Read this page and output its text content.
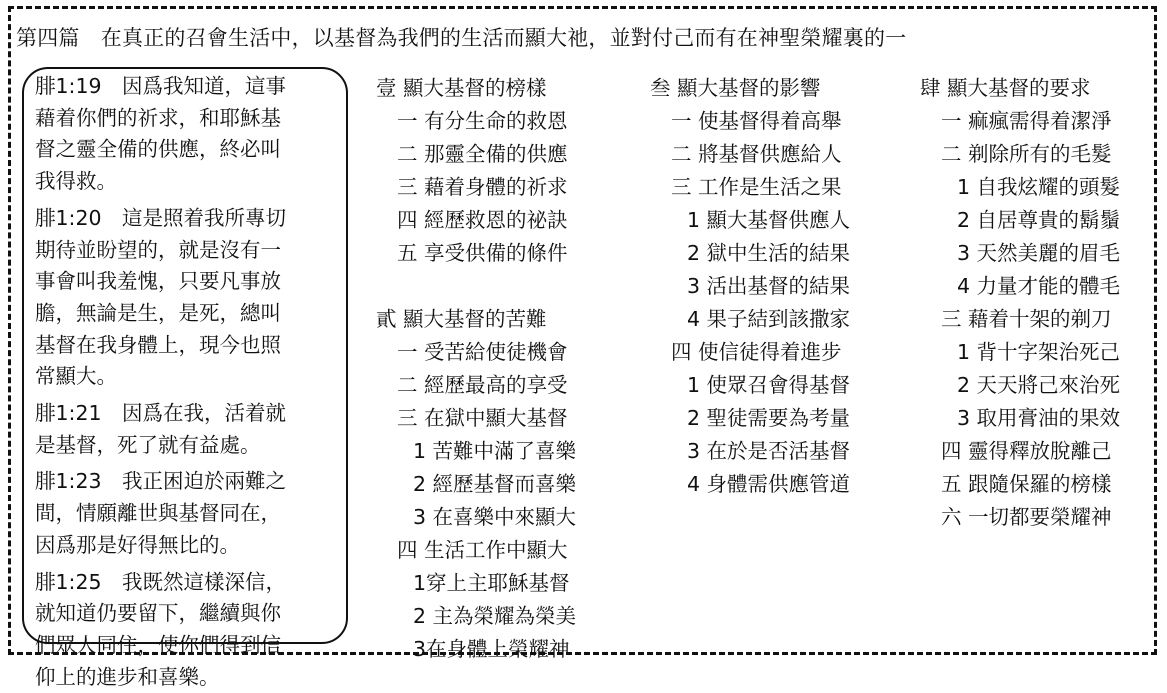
第四篇　在真正的召會生活中，以基督為我們的生活而顯大祂，並對付己而有在神聖榮耀裏的一
腓1:19　因爲我知道，這事
藉着你們的祈求，和耶穌基
督之靈全備的供應，終必叫
我得救。
腓1:20　這是照着我所專切
期待並盼望的，就是沒有一
事會叫我羞愧，只要凡事放
膽，無論是生，是死，總叫
基督在我身體上，現今也照
常顯大。
腓1:21　因爲在我，活着就
是基督，死了就有益處。
腓1:23　我正困迫於兩難之
間，情願離世與基督同在，
因爲那是好得無比的。
腓1:25　我既然這樣深信，
就知道仍要留下，繼續與你
們眾人同住，使你們得到信
仰上的進步和喜樂。
壹 顯大基督的榜樣
一 有分生命的救恩
二 那靈全備的供應
三 藉着身體的祈求
四 經歷救恩的祕訣
五 享受供備的條件
貳 顯大基督的苦難
一 受苦給使徒機會
二 經歷最高的享受
三 在獄中顯大基督
1 苦難中滿了喜樂
2 經歷基督而喜樂
3 在喜樂中來顯大
四 生活工作中顯大
1穿上主耶穌基督
2 主為榮耀為榮美
3在身體上榮耀神
叁 顯大基督的影響
一 使基督得着高舉
二 將基督供應給人
三 工作是生活之果
1 顯大基督供應人
2 獄中生活的結果
3 活出基督的結果
4 果子結到該撒家
四 使信徒得着進步
1 使眾召會得基督
2 聖徒需要為考量
3 在於是否活基督
4 身體需供應管道
肆 顯大基督的要求
一 痲瘋需得着潔淨
二 剃除所有的毛髮
1 自我炫耀的頭髮
2 自居尊貴的鬍鬚
3 天然美麗的眉毛
4 力量才能的體毛
三 藉着十架的剃刀
1 背十字架治死己
2 天天將己來治死
3 取用膏油的果效
四 靈得釋放脫離己
五 跟隨保羅的榜樣
六 一切都要榮耀神
